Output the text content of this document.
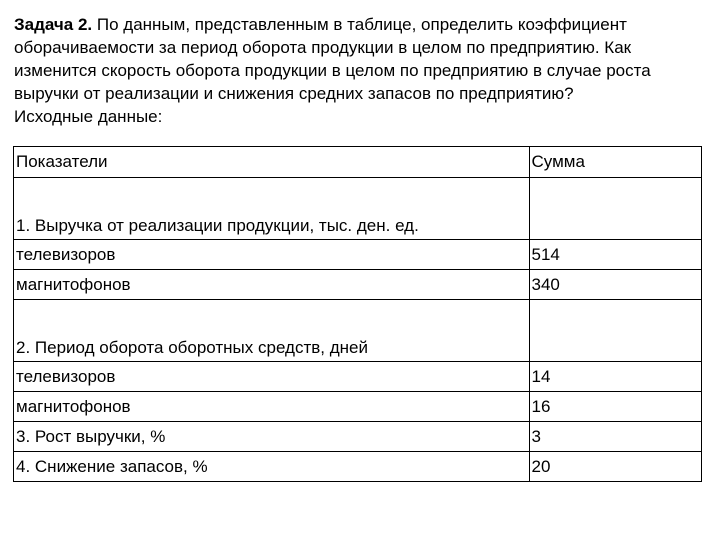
Задача 2. По данным, представленным в таблице, определить коэффициент
оборачиваемости за период оборота продукции в целом по предприятию. Как
изменится скорость оборота продукции в целом по предприятию в случае роста
выручки от реализации и снижения средних запасов по предприятию?
Исходные данные:
Показатели	Сумма
1. Выручка от реализации продукции, тыс. ден. ед.	
телевизоров	514
магнитофонов	340
2. Период оборота оборотных средств, дней	
телевизоров	14
магнитофонов	16
3. Рост выручки, %	3
4. Снижение запасов, %	20
